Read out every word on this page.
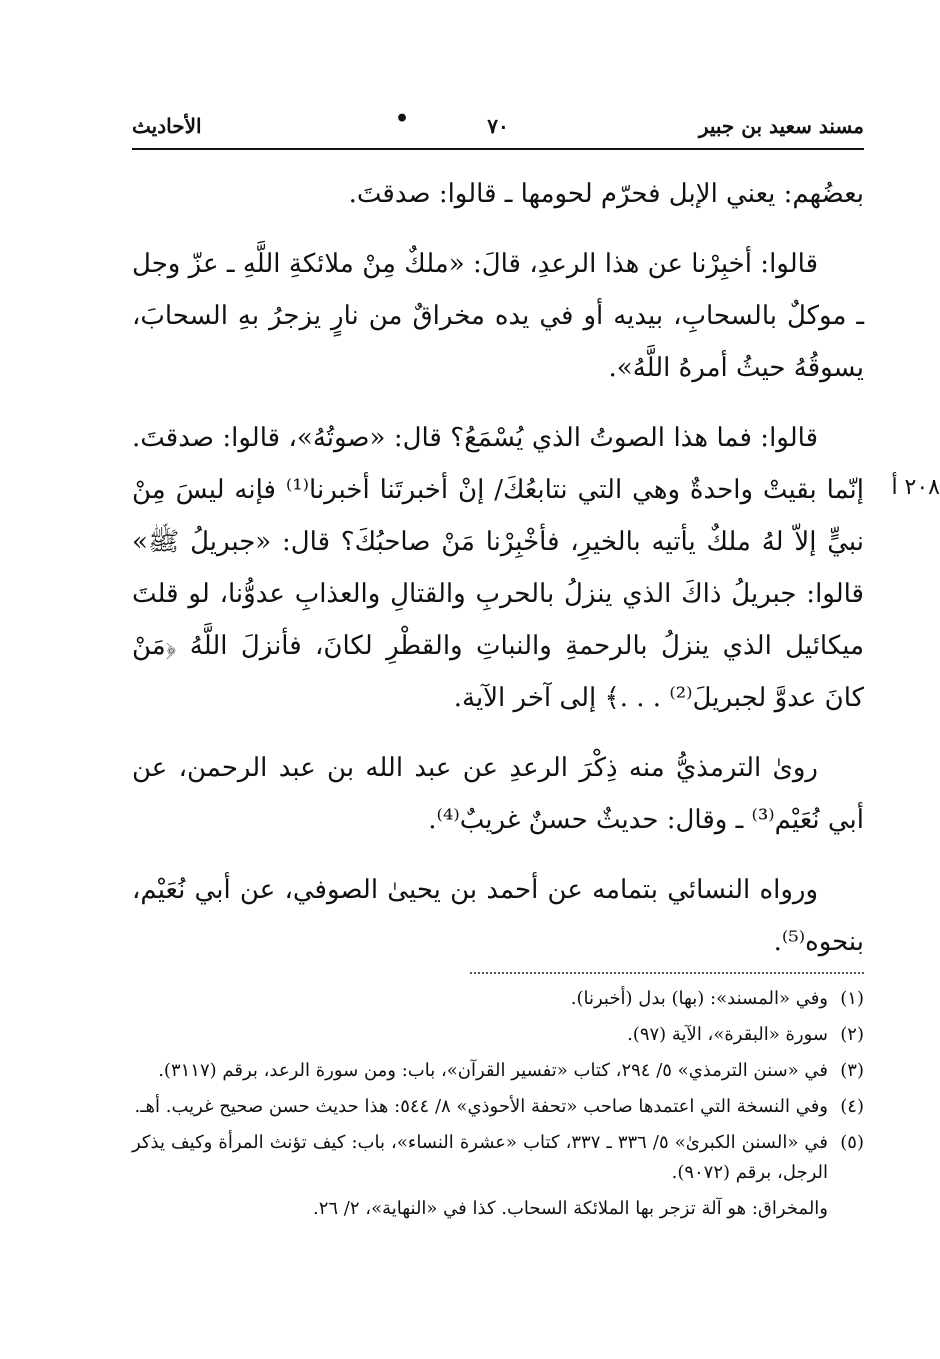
مسند سعيد بن جبير
•	٧٠
الأحاديث
٢٠٨ أ

بعضُهم: يعني الإبل فحرّم لحومها ـ قالوا: صدقتَ.

قالوا: أخبِرْنا عن هذا الرعدِ، قالَ: «ملكٌ مِنْ ملائكةِ اللَّهِ ـ عزّ وجل ـ موكلٌ بالسحابِ، بيديه أو في يده مخراقٌ من نارٍ يزجرُ بهِ السحابَ، يسوقُهُ حيثُ أمرهُ اللَّهُ».

قالوا: فما هذا الصوتُ الذي يُسْمَعُ؟ قال: «صوتُهُ»، قالوا: صدقتَ. إنّما بقيتْ واحدةٌ وهي التي نتابعُكَ/ إنْ أخبرتَنا أخبرنا⁽¹⁾ فإنه ليسَ مِنْ نبيٍّ إلاّ لهُ ملكٌ يأتيه بالخيرِ، فأخْبِرْنا مَنْ صاحبُكَ؟ قال: «جبريلُ ﷺ» قالوا: جبريلُ ذاكَ الذي ينزلُ بالحربِ والقتالِ والعذابِ عدوُّنا، لو قلتَ ميكائيل الذي ينزلُ بالرحمةِ والنباتِ والقطْرِ لكانَ، فأنزلَ اللَّهُ ﴿مَنْ كانَ عدوَّ لجبريلَ⁽²⁾ . . .﴾ إلى آخر الآية.

روىٰ الترمذيُّ منه ذِكْرَ الرعدِ عن عبد الله بن عبد الرحمن، عن أبي نُعَيْم⁽³⁾ ـ وقال: حديثٌ حسنٌ غريبٌ⁽⁴⁾.

ورواه النسائي بتمامه عن أحمد بن يحيىٰ الصوفي، عن أبي نُعَيْم، بنحوه⁽⁵⁾.

(١)
وفي «المسند»: (بها) بدل (أخبرنا).
(٢)
سورة «البقرة»، الآية (٩٧).
(٣)
في «سنن الترمذي» ٥/ ٢٩٤، كتاب «تفسير القرآن»، باب: ومن سورة الرعد، برقم (٣١١٧).
(٤)
وفي النسخة التي اعتمدها صاحب «تحفة الأحوذي» ٨/ ٥٤٤: هذا حديث حسن صحيح غريب. أهـ.
(٥)
في «السنن الكبرىٰ» ٥/ ٣٣٦ ـ ٣٣٧، كتاب «عشرة النساء»، باب: كيف تؤنث المرأة وكيف يذكر الرجل، برقم (٩٠٧٢).
والمخراق: هو آلة تزجر بها الملائكة السحاب. كذا في «النهاية»، ٢/ ٢٦.
